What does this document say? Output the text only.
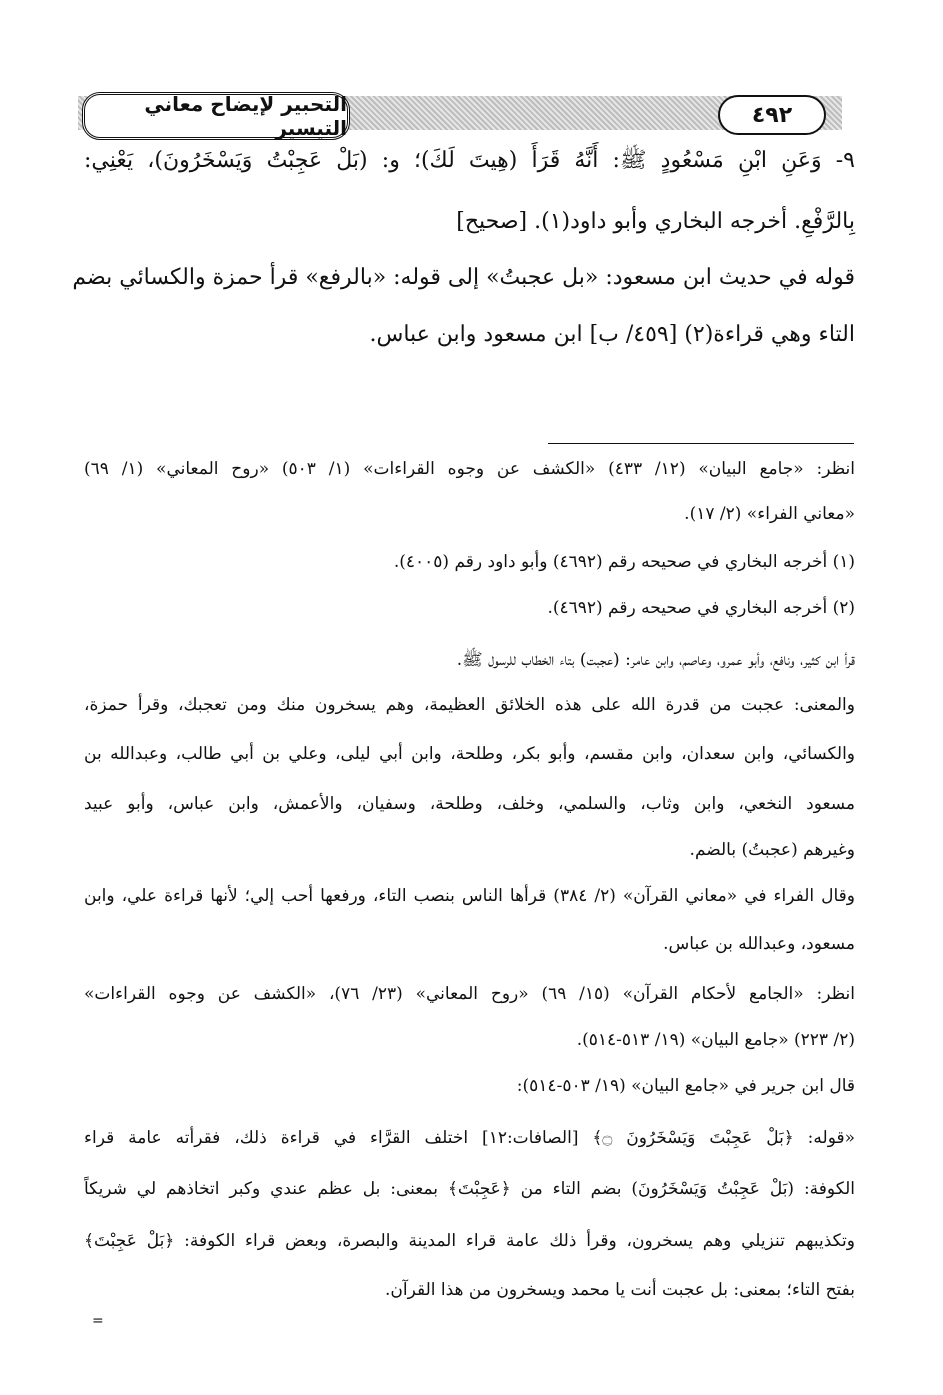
التحبير لإيضاح معاني التيسير
٤٩٢
٩- وَعَنِ ابْنِ مَسْعُودٍ ﷺ: أَنَّهُ قَرَأَ (هِيتَ لَكَ)؛ و: (بَلْ عَجِبْتُ وَيَسْخَرُونَ)، يَعْنِي:
بِالرَّفْعِ. أخرجه البخاري وأبو داود(١). [صحيح]
قوله في حديث ابن مسعود: «بل عجبتُ» إلى قوله: «بالرفع» قرأ حمزة والكسائي بضم
التاء وهي قراءة(٢) [٤٥٩/ ب] ابن مسعود وابن عباس.
انظر: «جامع البيان» (١٢/ ٤٣٣) «الكشف عن وجوه القراءات» (١/ ٥٠٣) «روح المعاني» (١/ ٦٩)
«معاني الفراء» (٢/ ١٧).
(١) أخرجه البخاري في صحيحه رقم (٤٦٩٢) وأبو داود رقم (٤٠٠٥).
(٢) أخرجه البخاري في صحيحه رقم (٤٦٩٢).
قرأ ابن كثير، ونافع، وأبو عمرو، وعاصم، وابن عامر: (عجبت) بتاء الخطاب للرسول ﷺ.
والمعنى: عجبت من قدرة الله على هذه الخلائق العظيمة، وهم يسخرون منك ومن تعجبك، وقرأ حمزة،
والكسائي، وابن سعدان، وابن مقسم، وأبو بكر، وطلحة، وابن أبي ليلى، وعلي بن أبي طالب، وعبدالله بن
مسعود النخعي، وابن وثاب، والسلمي، وخلف، وطلحة، وسفيان، والأعمش، وابن عباس، وأبو عبيد
وغيرهم (عجبتُ) بالضم.
وقال الفراء في «معاني القرآن» (٢/ ٣٨٤) قرأها الناس بنصب التاء، ورفعها أحب إلي؛ لأنها قراءة علي، وابن
مسعود، وعبدالله بن عباس.
انظر: «الجامع لأحكام القرآن» (١٥/ ٦٩) «روح المعاني» (٢٣/ ٧٦)، «الكشف عن وجوه القراءات»
(٢/ ٢٢٣) «جامع البيان» (١٩/ ٥١٣-٥١٤).
قال ابن جرير في «جامع البيان» (١٩/ ٥٠٣-٥١٤):
«قوله: ﴿بَلْ عَجِبْتَ وَيَسْخَرُونَ ۝﴾ [الصافات:١٢] اختلف القرَّاء في قراءة ذلك، فقرأته عامة قراء
الكوفة: (بَلْ عَجِبْتُ وَيَسْخَرُونَ) بضم التاء من ﴿عَجِبْتَ﴾ بمعنى: بل عظم عندي وكبر اتخاذهم لي شريكاً
وتكذيبهم تنزيلي وهم يسخرون، وقرأ ذلك عامة قراء المدينة والبصرة، وبعض قراء الكوفة: ﴿بَلْ عَجِبْتَ﴾
بفتح التاء؛ بمعنى: بل عجبت أنت يا محمد ويسخرون من هذا القرآن.
=
